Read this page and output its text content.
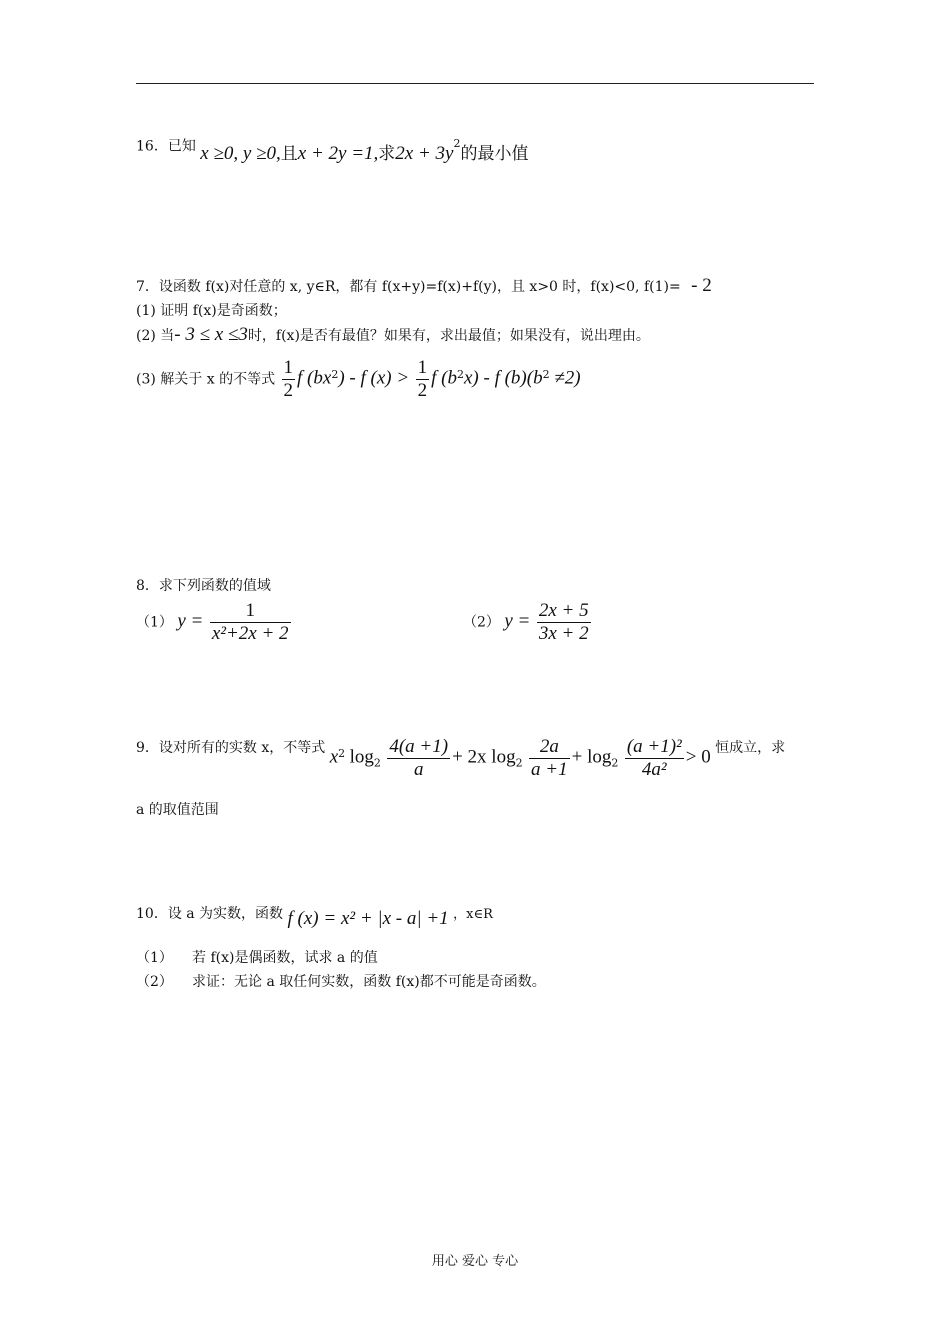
16．已知 x ≥0, y ≥0,且x + 2y =1,求$2x + 3y^2$的最小值
7．设函数 f(x)对任意的 x, y∈R，都有 f(x+y)=f(x)+f(y)，且 x>0 时，f(x)<0, f(1)= - 2
(1) 证明 f(x)是奇函数；
(2) 当- 3 ≤ x ≤3时，f(x)是否有最值？如果有，求出最值；如果没有，说出理由。
(3) 解关于 x 的不等式 $\frac{1}{2}$ f $(bx^2)$ - f $(x) > \frac{1}{2}$ f $(b^2x)$ - f $(b)(b^2 \ne 2)$
8．求下列函数的值域
（1） $y = \frac{1}{\text{x²+2x + 2}}$	（2） $y = \frac{2x + 5}{3x + 2}$
9．设对所有的实数 x，不等式 $x^2$ $\log_2 \frac{4(a +1)}{a} + 2x$ $\log_2 \frac{2a}{a +1} + \log_2 \frac{\text{(a +1)²}}{\text{4a²}} > 0$ 恒成立，求
a 的取值范围
10．设 a 为实数，函数 f (x) = x² + |x - a| +1 ，x∈R
（1） 若 f(x)是偶函数，试求 a 的值
（2） 求证：无论 a 取任何实数，函数 f(x)都不可能是奇函数。
用心 爱心 专心
